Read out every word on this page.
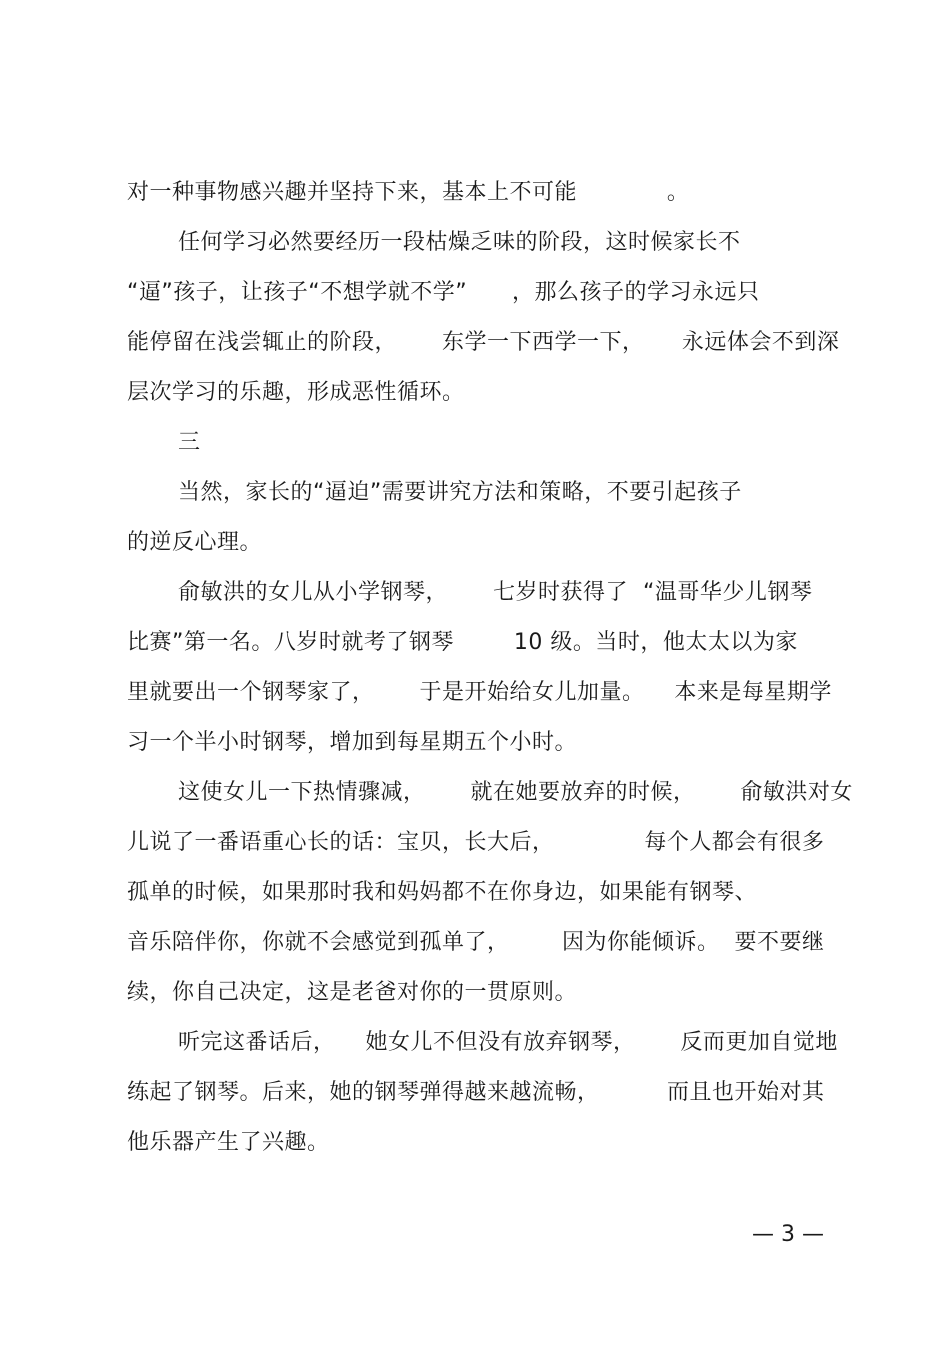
对一种事物感兴趣并坚持下来，基本上不可能            。
任何学习必然要经历一段枯燥乏味的阶段，这时候家长不
“逼”孩子，让孩子“不想学就不学”      ，那么孩子的学习永远只
能停留在浅尝辄止的阶段，      东学一下西学一下，     永远体会不到深
层次学习的乐趣，形成恶性循环。
三
当然，家长的“逼迫”需要讲究方法和策略，不要引起孩子
的逆反心理。
俞敏洪的女儿从小学钢琴，      七岁时获得了  “温哥华少儿钢琴
比赛”第一名。八岁时就考了钢琴        10 级。当时，他太太以为家
里就要出一个钢琴家了，      于是开始给女儿加量。    本来是每星期学
习一个半小时钢琴，增加到每星期五个小时。
这使女儿一下热情骤减，      就在她要放弃的时候，      俞敏洪对女
儿说了一番语重心长的话：宝贝，长大后，            每个人都会有很多
孤单的时候，如果那时我和妈妈都不在你身边，如果能有钢琴、
音乐陪伴你，你就不会感觉到孤单了，       因为你能倾诉。  要不要继
续，你自己决定，这是老爸对你的一贯原则。
听完这番话后，    她女儿不但没有放弃钢琴，      反而更加自觉地
练起了钢琴。后来，她的钢琴弹得越来越流畅，         而且也开始对其
他乐器产生了兴趣。
— 3 —
